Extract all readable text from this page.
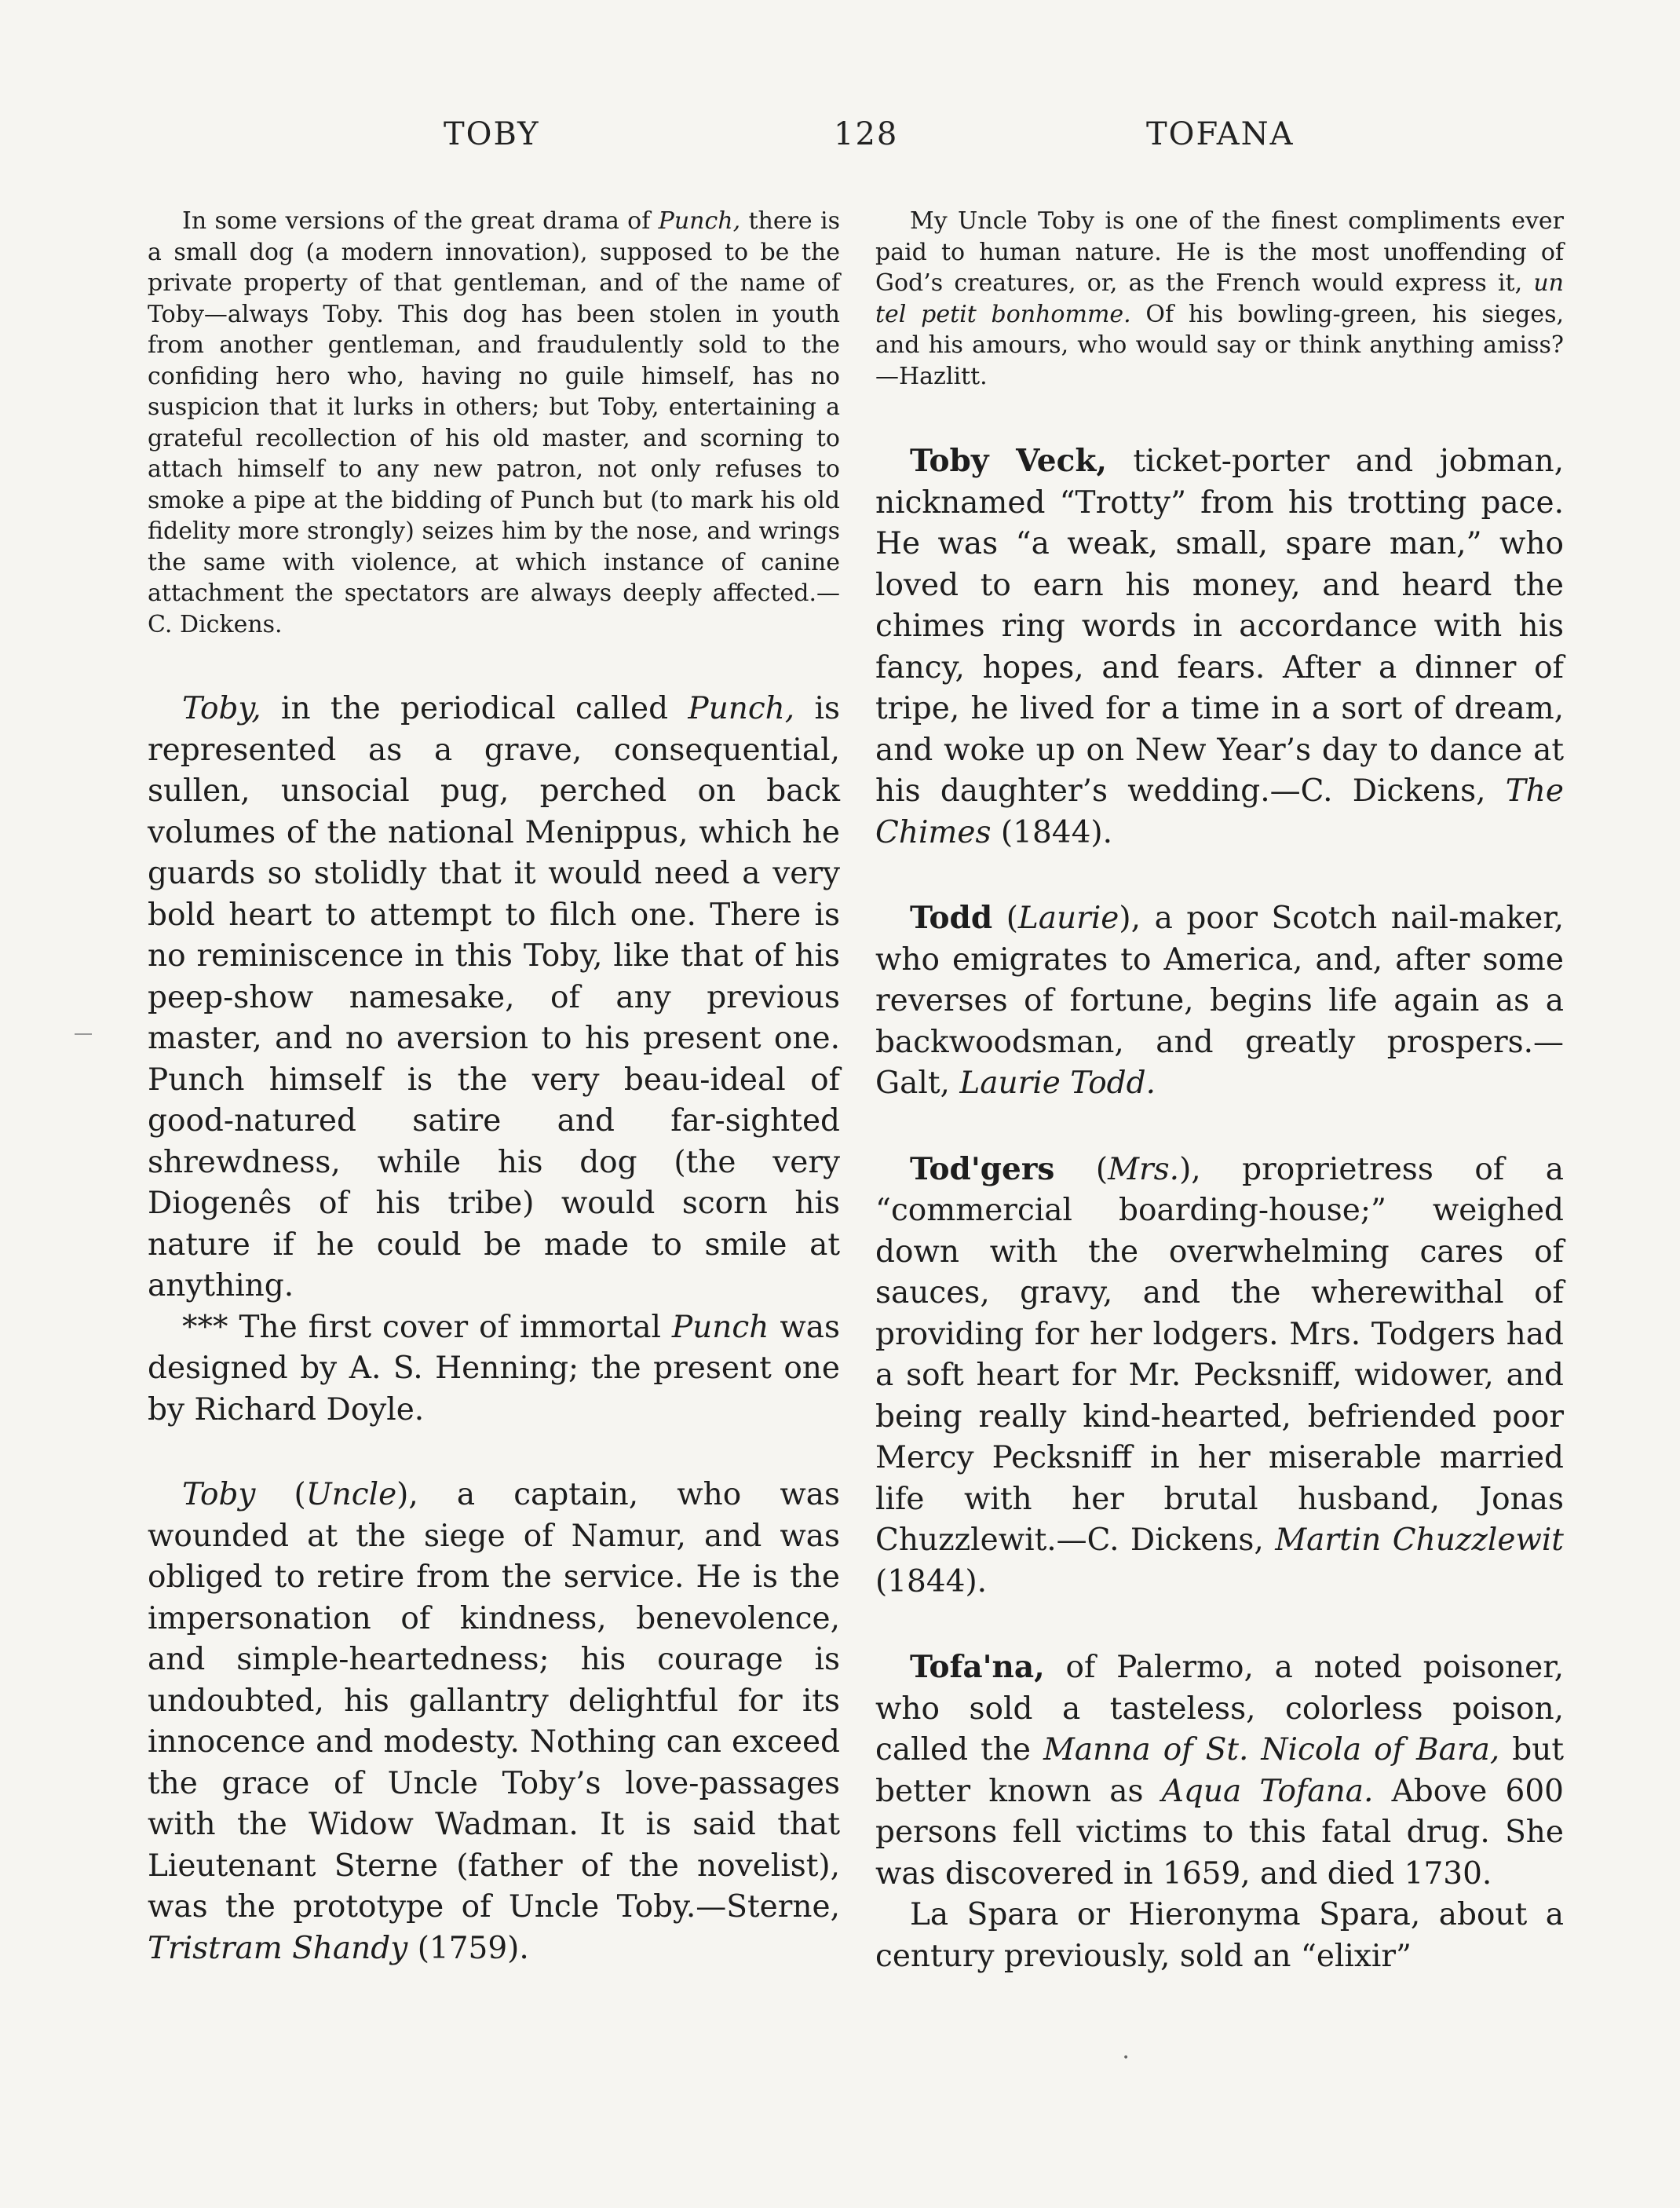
TOBY	128	TOFANA

In some versions of the great drama of Punch, there is a small dog (a modern innovation), supposed to be the private property of that gentleman, and of the name of Toby—always Toby. This dog has been stolen in youth from another gentleman, and fraudulently sold to the confiding hero who, having no guile himself, has no suspicion that it lurks in others; but Toby, entertaining a grateful recollection of his old master, and scorning to attach himself to any new patron, not only refuses to smoke a pipe at the bidding of Punch but (to mark his old fidelity more strongly) seizes him by the nose, and wrings the same with violence, at which instance of canine attachment the spectators are always deeply affected.—C. Dickens.

Toby, in the periodical called Punch, is represented as a grave, consequential, sullen, unsocial pug, perched on back volumes of the national Menippus, which he guards so stolidly that it would need a very bold heart to attempt to filch one. There is no reminiscence in this Toby, like that of his peep-show namesake, of any previous master, and no aversion to his present one. Punch himself is the very beau-ideal of good-natured satire and far-sighted shrewdness, while his dog (the very Diogenês of his tribe) would scorn his nature if he could be made to smile at anything.

*** The first cover of immortal Punch was designed by A. S. Henning; the present one by Richard Doyle.

Toby (Uncle), a captain, who was wounded at the siege of Namur, and was obliged to retire from the service. He is the impersonation of kindness, benevolence, and simple-heartedness; his courage is undoubted, his gallantry delightful for its innocence and modesty. Nothing can exceed the grace of Uncle Toby’s love-passages with the Widow Wadman. It is said that Lieutenant Sterne (father of the novelist), was the prototype of Uncle Toby.—Sterne, Tristram Shandy (1759).

My Uncle Toby is one of the finest compliments ever paid to human nature. He is the most unoffending of God’s creatures, or, as the French would express it, un tel petit bonhomme. Of his bowling-green, his sieges, and his amours, who would say or think anything amiss?—Hazlitt.

Toby Veck, ticket-porter and jobman, nicknamed “Trotty” from his trotting pace. He was “a weak, small, spare man,” who loved to earn his money, and heard the chimes ring words in accordance with his fancy, hopes, and fears. After a dinner of tripe, he lived for a time in a sort of dream, and woke up on New Year’s day to dance at his daughter’s wedding.—C. Dickens, The Chimes (1844).

Todd (Laurie), a poor Scotch nail-maker, who emigrates to America, and, after some reverses of fortune, begins life again as a backwoodsman, and greatly prospers.—Galt, Laurie Todd.

Tod'gers (Mrs.), proprietress of a “commercial boarding-house;” weighed down with the overwhelming cares of sauces, gravy, and the wherewithal of providing for her lodgers. Mrs. Todgers had a soft heart for Mr. Pecksniff, widower, and being really kind-hearted, befriended poor Mercy Pecksniff in her miserable married life with her brutal husband, Jonas Chuzzlewit.—C. Dickens, Martin Chuzzlewit (1844).

Tofa'na, of Palermo, a noted poisoner, who sold a tasteless, colorless poison, called the Manna of St. Nicola of Bara, but better known as Aqua Tofana. Above 600 persons fell victims to this fatal drug. She was discovered in 1659, and died 1730.

La Spara or Hieronyma Spara, about a century previously, sold an “elixir”

•
